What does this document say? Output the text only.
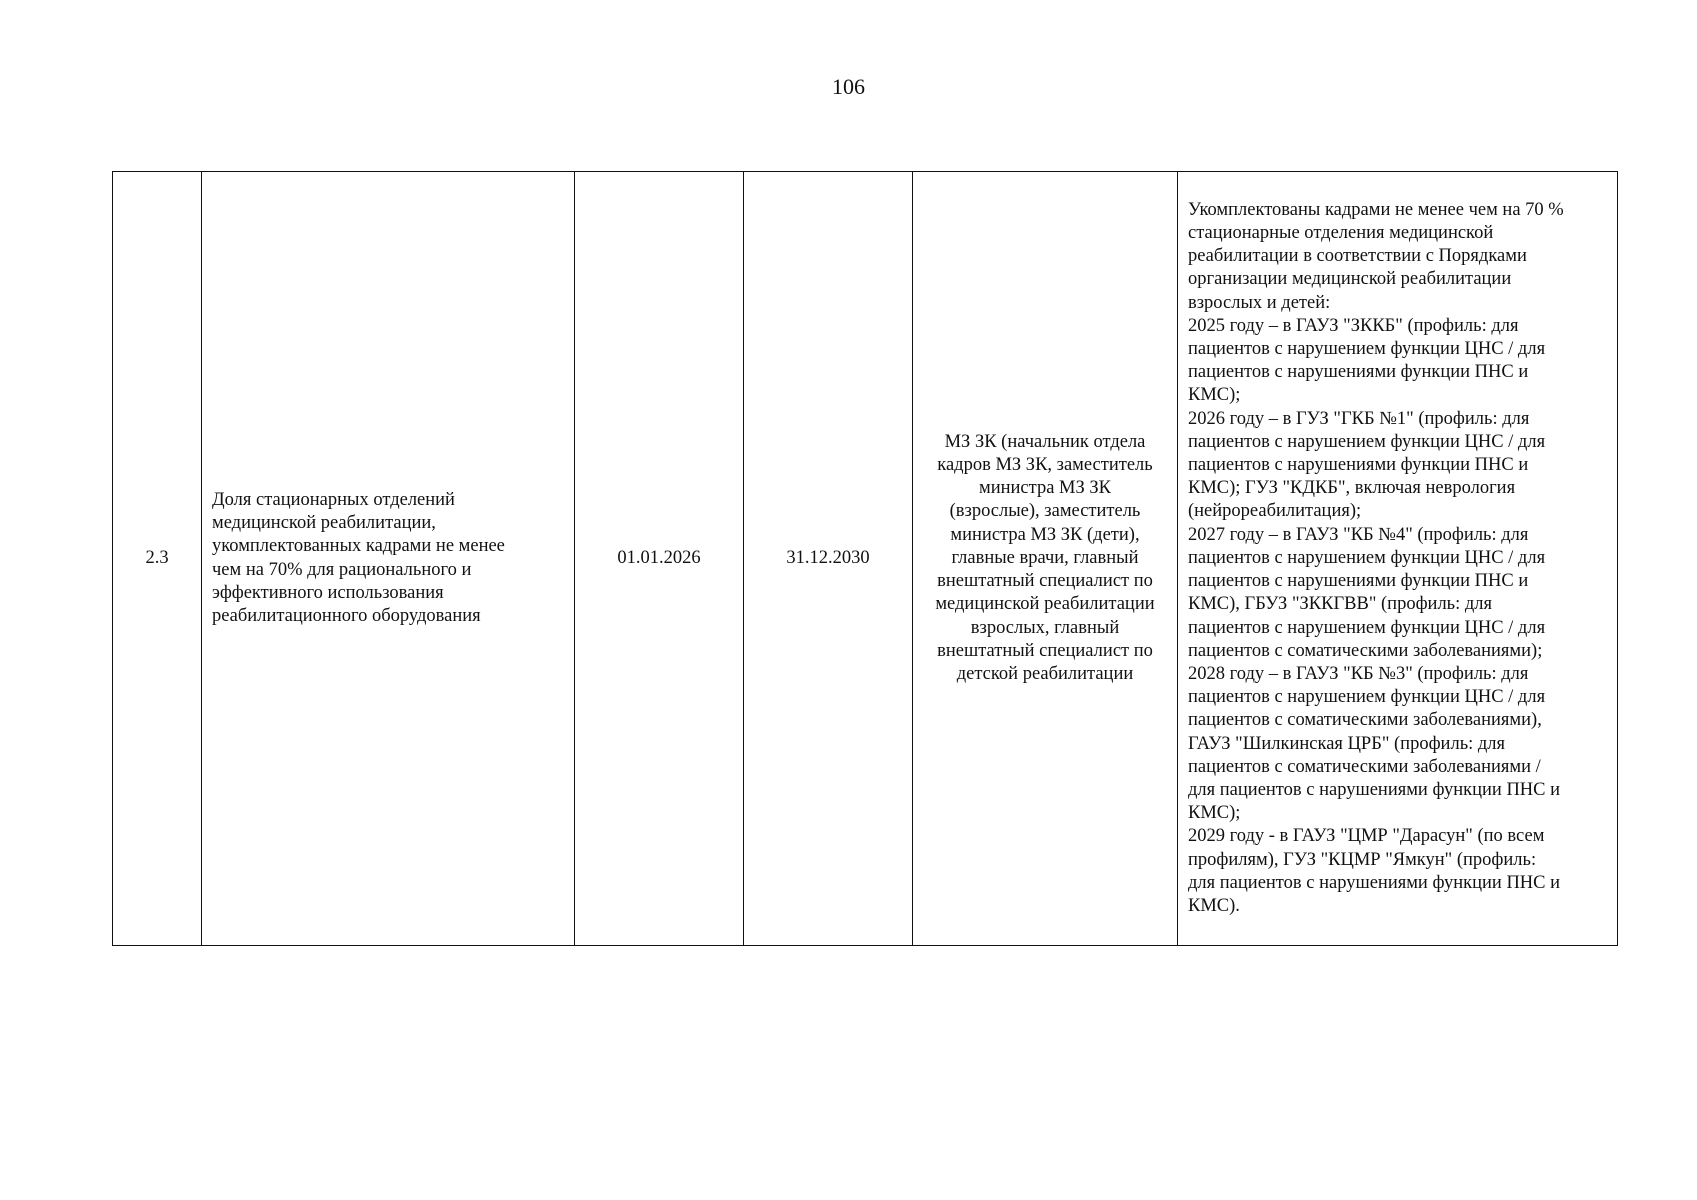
106
2.3	Доля стационарных отделений
медицинской реабилитации,
укомплектованных кадрами не менее
чем на 70% для рационального и
эффективного использования
реабилитационного оборудования	01.01.2026	31.12.2030	МЗ ЗК (начальник отдела
кадров МЗ ЗК, заместитель
министра МЗ ЗК
(взрослые), заместитель
министра МЗ ЗК (дети),
главные врачи, главный
внештатный специалист по
медицинской реабилитации
взрослых, главный
внештатный специалист по
детской реабилитации	Укомплектованы кадрами не менее чем на 70 %
стационарные отделения медицинской
реабилитации в соответствии с Порядками
организации медицинской реабилитации
взрослых и детей:
2025 году – в ГАУЗ "ЗККБ" (профиль: для
пациентов с нарушением функции ЦНС / для
пациентов с нарушениями функции ПНС и
КМС);
2026 году – в ГУЗ "ГКБ №1" (профиль: для
пациентов с нарушением функции ЦНС / для
пациентов с нарушениями функции ПНС и
КМС); ГУЗ "КДКБ", включая неврология
(нейрореабилитация);
2027 году – в ГАУЗ "КБ №4" (профиль: для
пациентов с нарушением функции ЦНС / для
пациентов с нарушениями функции ПНС и
КМС), ГБУЗ "ЗККГВВ" (профиль: для
пациентов с нарушением функции ЦНС / для
пациентов с соматическими заболеваниями);
2028 году – в ГАУЗ "КБ №3" (профиль: для
пациентов с нарушением функции ЦНС / для
пациентов с соматическими заболеваниями),
ГАУЗ "Шилкинская ЦРБ" (профиль: для
пациентов с соматическими заболеваниями /
для пациентов с нарушениями функции ПНС и
КМС);
2029 году - в ГАУЗ "ЦМР "Дарасун" (по всем
профилям), ГУЗ "КЦМР "Ямкун" (профиль:
для пациентов с нарушениями функции ПНС и
КМС).
